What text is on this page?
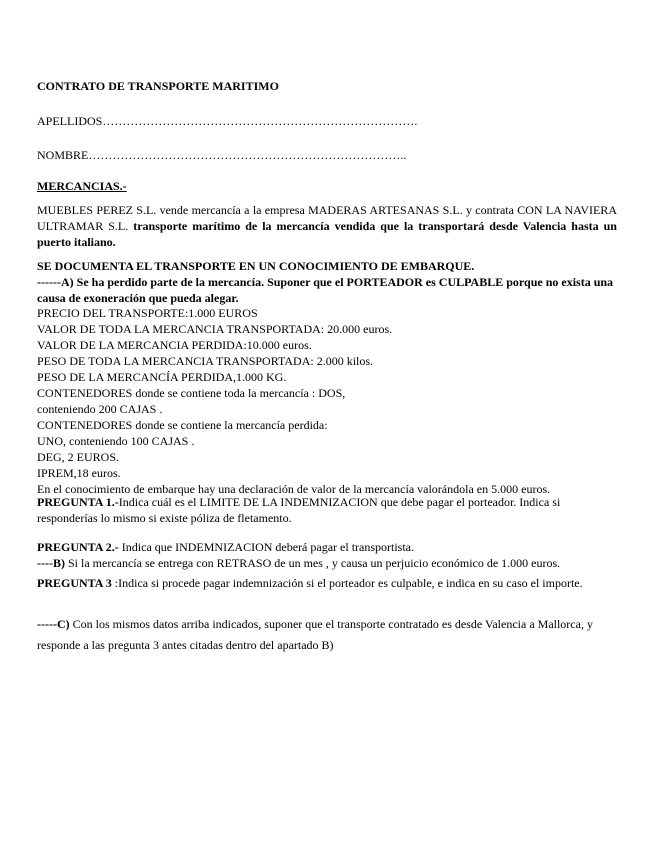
CONTRATO DE TRANSPORTE MARITIMO
APELLIDOS…………………………………………………………………….
NOMBRE……………………………………………………………………..
MERCANCIAS.-

MUEBLES PEREZ S.L. vende mercancía a la empresa MADERAS ARTESANAS S.L. y contrata CON LA NAVIERA ULTRAMAR S.L. transporte marítimo de la mercancía vendida que la transportará desde Valencia hasta un puerto italiano.

SE DOCUMENTA EL TRANSPORTE EN UN CONOCIMIENTO DE EMBARQUE.
------A) Se ha perdido parte de la mercancía. Suponer que el PORTEADOR es CULPABLE porque no exista una causa de exoneración que pueda alegar.
PRECIO DEL TRANSPORTE:1.000 EUROS
VALOR DE TODA LA MERCANCIA TRANSPORTADA: 20.000 euros.
VALOR DE LA MERCANCIA PERDIDA:10.000 euros.
PESO DE TODA LA MERCANCIA TRANSPORTADA: 2.000 kilos.
PESO DE LA MERCANCÍA PERDIDA,1.000 KG.
CONTENEDORES donde se contiene toda la mercancía : DOS,
conteniendo 200 CAJAS .
CONTENEDORES donde se contiene la mercancía perdida:
UNO, conteniendo 100 CAJAS .
DEG, 2 EUROS.
IPREM,18 euros.
En el conocimiento de embarque hay una declaración de valor de la mercancía valorándola en 5.000 euros.

PREGUNTA 1.-Indica cuál es el LIMITE DE LA INDEMNIZACION que debe pagar el porteador. Indica si responderías lo mismo si existe póliza de fletamento.

PREGUNTA 2.- Indica que INDEMNIZACION deberá pagar el transportista.

----B) Si la mercancía se entrega con RETRASO de un mes , y causa un perjuicio económico de 1.000 euros.

PREGUNTA 3 :Indica si procede pagar indemnización si el porteador es culpable, e indica en su caso el importe.

-----C) Con los mismos datos arriba indicados, suponer que el transporte contratado es desde Valencia a Mallorca, y responde a las pregunta 3 antes citadas dentro del apartado B)
